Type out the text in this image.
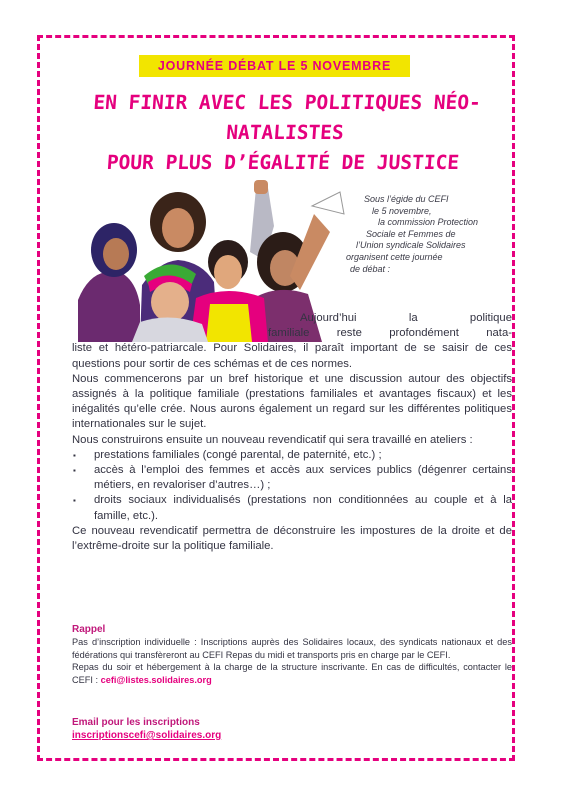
JOURNÉE DÉBAT LE 5 NOVEMBRE
EN FINIR AVEC LES POLITIQUES NÉO-NATALISTES
POUR PLUS D’ÉGALITÉ DE JUSTICE
Sous l’égide du CEFI
le 5 novembre,
la commission Protection
Sociale et Femmes de
l’Union syndicale Solidaires
organisent cette journée
de débat :

Aujourd’hui la politique

familiale reste profondément nata-

liste et hétéro-patriarcale. Pour Solidaires, il paraît important de se saisir de ces questions pour sortir de ces schémas et de ces normes.

Nous commencerons par un bref historique et une discussion autour des objectifs assignés à la politique familiale (prestations familiales et avantages fiscaux) et les inégalités qu’elle crée. Nous aurons également un regard sur les différentes politiques internationales sur le sujet.

Nous construirons ensuite un nouveau revendicatif qui sera travaillé en ateliers :

▪ prestations familiales (congé parental, de paternité, etc.) ;

▪ accès à l’emploi des femmes et accès aux services publics (dégenrer certains métiers, en revaloriser d’autres…) ;

▪ droits sociaux individualisés (prestations non conditionnées au couple et à la famille, etc.).

Ce nouveau revendicatif permettra de déconstruire les impostures de la droite et de l’extrême-droite sur la politique familiale.

Rappel

Pas d’inscription individuelle : Inscriptions auprès des Solidaires locaux, des syndicats nationaux et des fédérations qui transfèreront au CEFI Repas du midi et transports pris en charge par le CEFI.

Repas du soir et hébergement à la charge de la structure inscrivante. En cas de difficultés, contacter le CEFI : cefi@listes.solidaires.org

Email pour les inscriptions
inscriptionscefi@solidaires.org
